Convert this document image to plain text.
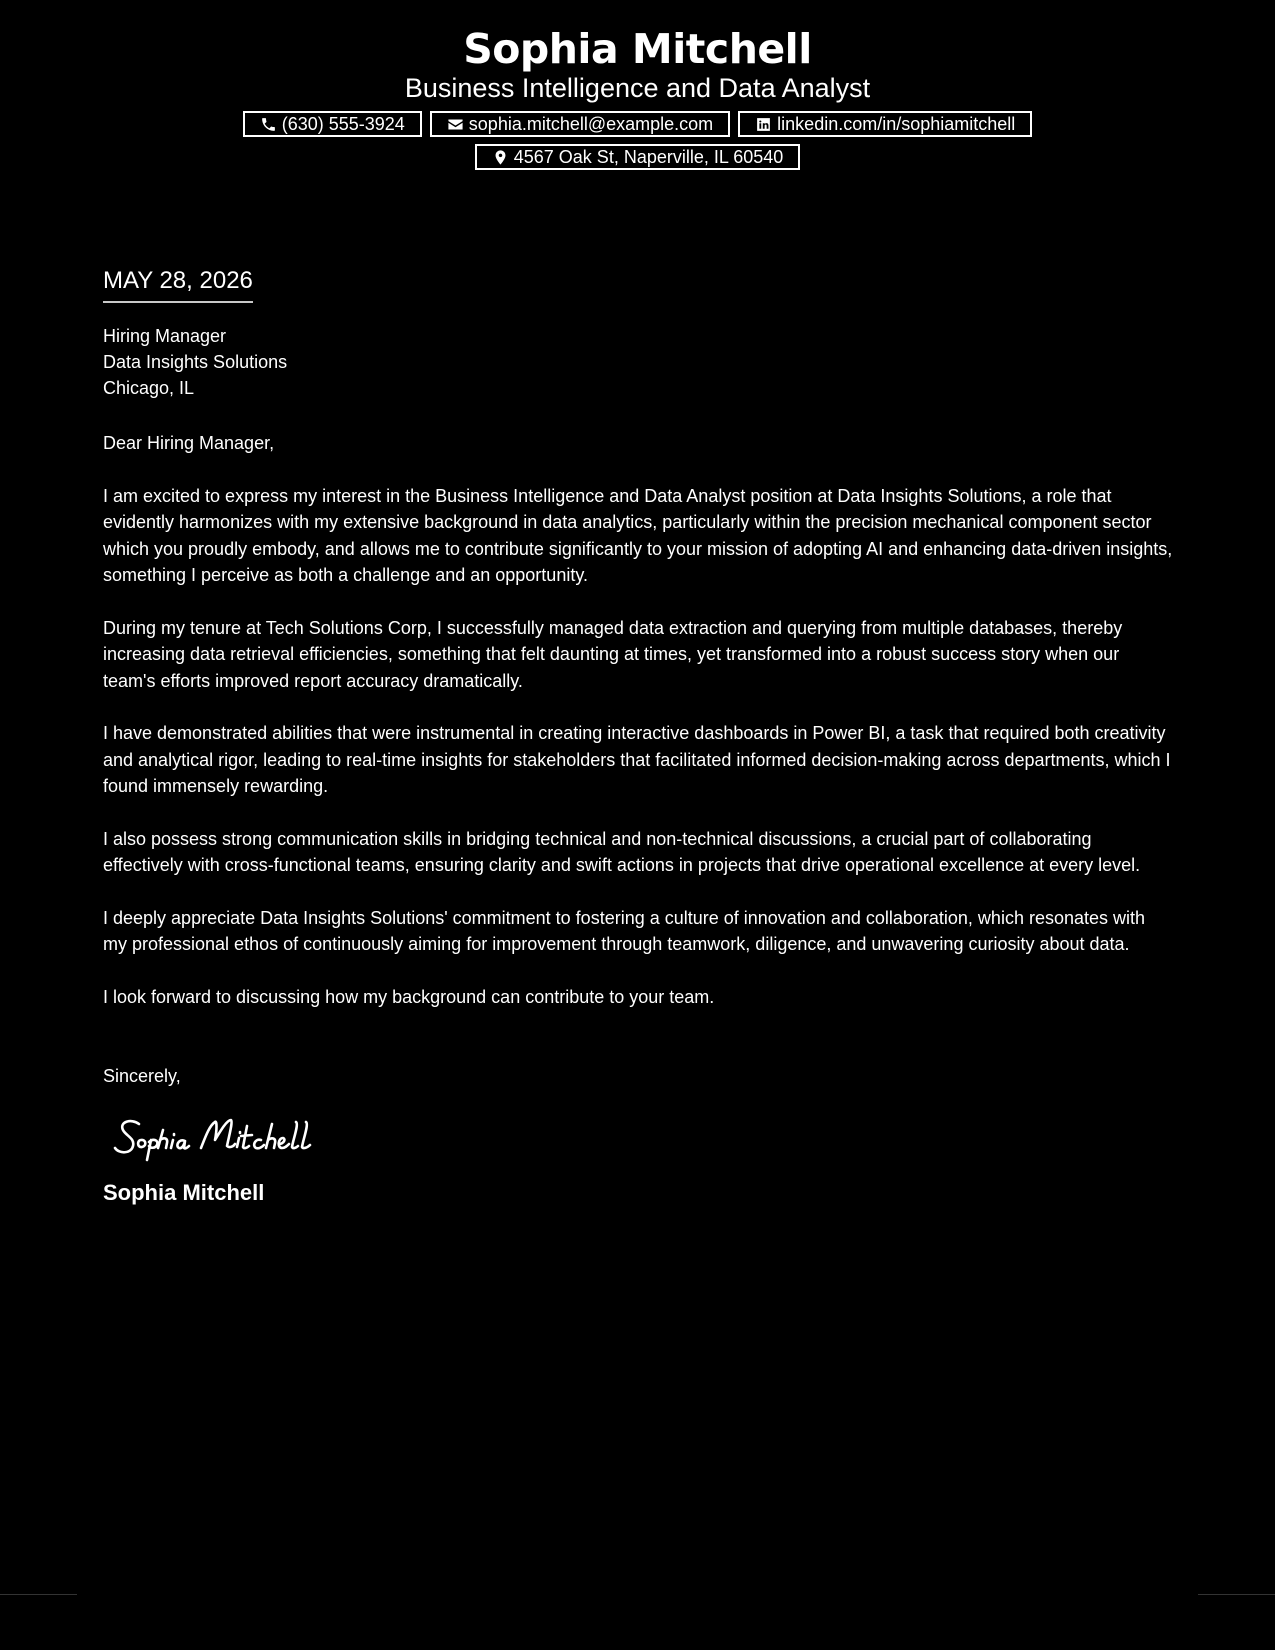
Sophia Mitchell
Business Intelligence and Data Analyst
(630) 555-3924	sophia.mitchell@example.com	linkedin.com/in/sophiamitchell
4567 Oak St, Naperville, IL 60540
MAY 28, 2026
Hiring Manager
Data Insights Solutions
Chicago, IL
Dear Hiring Manager,
I am excited to express my interest in the Business Intelligence and Data Analyst position at Data Insights Solutions, a role that evidently harmonizes with my extensive background in data analytics, particularly within the precision mechanical component sector which you proudly embody, and allows me to contribute significantly to your mission of adopting AI and enhancing data-driven insights, something I perceive as both a challenge and an opportunity.
During my tenure at Tech Solutions Corp, I successfully managed data extraction and querying from multiple databases, thereby increasing data retrieval efficiencies, something that felt daunting at times, yet transformed into a robust success story when our team's efforts improved report accuracy dramatically.
I have demonstrated abilities that were instrumental in creating interactive dashboards in Power BI, a task that required both creativity and analytical rigor, leading to real-time insights for stakeholders that facilitated informed decision-making across departments, which I found immensely rewarding.
I also possess strong communication skills in bridging technical and non-technical discussions, a crucial part of collaborating effectively with cross-functional teams, ensuring clarity and swift actions in projects that drive operational excellence at every level.
I deeply appreciate Data Insights Solutions' commitment to fostering a culture of innovation and collaboration, which resonates with my professional ethos of continuously aiming for improvement through teamwork, diligence, and unwavering curiosity about data.
I look forward to discussing how my background can contribute to your team.
Sincerely,
Sophia Mitchell
